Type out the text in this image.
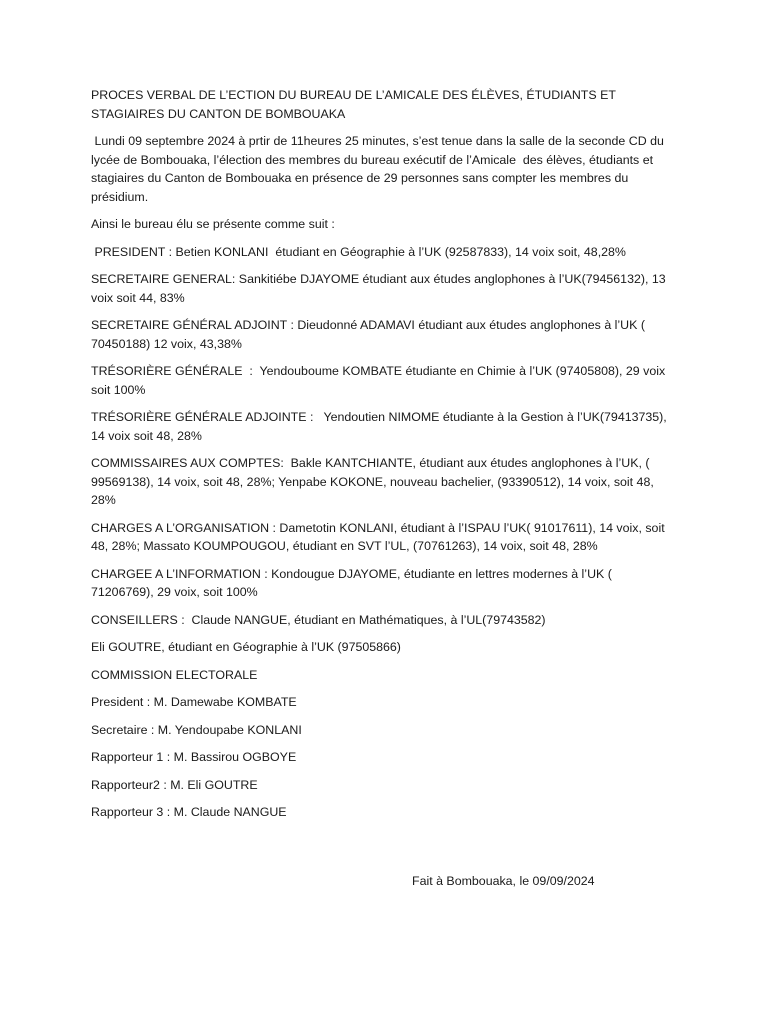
PROCES VERBAL DE L’ECTION DU BUREAU DE L’AMICALE DES ÉLÈVES, ÉTUDIANTS ET STAGIAIRES DU CANTON DE BOMBOUAKA

Lundi 09 septembre 2024 à prtir de 11heures 25 minutes, s’est tenue dans la salle de la seconde CD du lycée de Bombouaka, l’élection des membres du bureau exécutif de l’Amicale  des élèves, étudiants et stagiaires du Canton de Bombouaka en présence de 29 personnes sans compter les membres du présidium.

Ainsi le bureau élu se présente comme suit :

PRESIDENT : Betien KONLANI  étudiant en Géographie à l’UK (92587833), 14 voix soit, 48,28%

SECRETAIRE GENERAL: Sankitiébe DJAYOME étudiant aux études anglophones à l’UK(79456132), 13 voix soit 44, 83%

SECRETAIRE GÉNÉRAL ADJOINT : Dieudonné ADAMAVI étudiant aux études anglophones à l’UK ( 70450188) 12 voix, 43,38%

TRÉSORIÈRE GÉNÉRALE  :  Yendouboume KOMBATE étudiante en Chimie à l’UK (97405808), 29 voix soit 100%

TRÉSORIÈRE GÉNÉRALE ADJOINTE :   Yendoutien NIMOME étudiante à la Gestion à l’UK(79413735), 14 voix soit 48, 28%

COMMISSAIRES AUX COMPTES:  Bakle KANTCHIANTE, étudiant aux études anglophones à l’UK, ( 99569138), 14 voix, soit 48, 28%; Yenpabe KOKONE, nouveau bachelier, (93390512), 14 voix, soit 48, 28%

CHARGES A L’ORGANISATION : Dametotin KONLANI, étudiant à l’ISPAU l’UK( 91017611), 14 voix, soit 48, 28%; Massato KOUMPOUGOU, étudiant en SVT l’UL, (70761263), 14 voix, soit 48, 28%

CHARGEE A L’INFORMATION : Kondougue DJAYOME, étudiante en lettres modernes à l’UK ( 71206769), 29 voix, soit 100%

CONSEILLERS :  Claude NANGUE, étudiant en Mathématiques, à l’UL(79743582)

Eli GOUTRE, étudiant en Géographie à l’UK (97505866)

COMMISSION ELECTORALE

President : M. Damewabe KOMBATE

Secretaire : M. Yendoupabe KONLANI

Rapporteur 1 : M. Bassirou OGBOYE

Rapporteur2 : M. Eli GOUTRE

Rapporteur 3 : M. Claude NANGUE

Fait à Bombouaka, le 09/09/2024
